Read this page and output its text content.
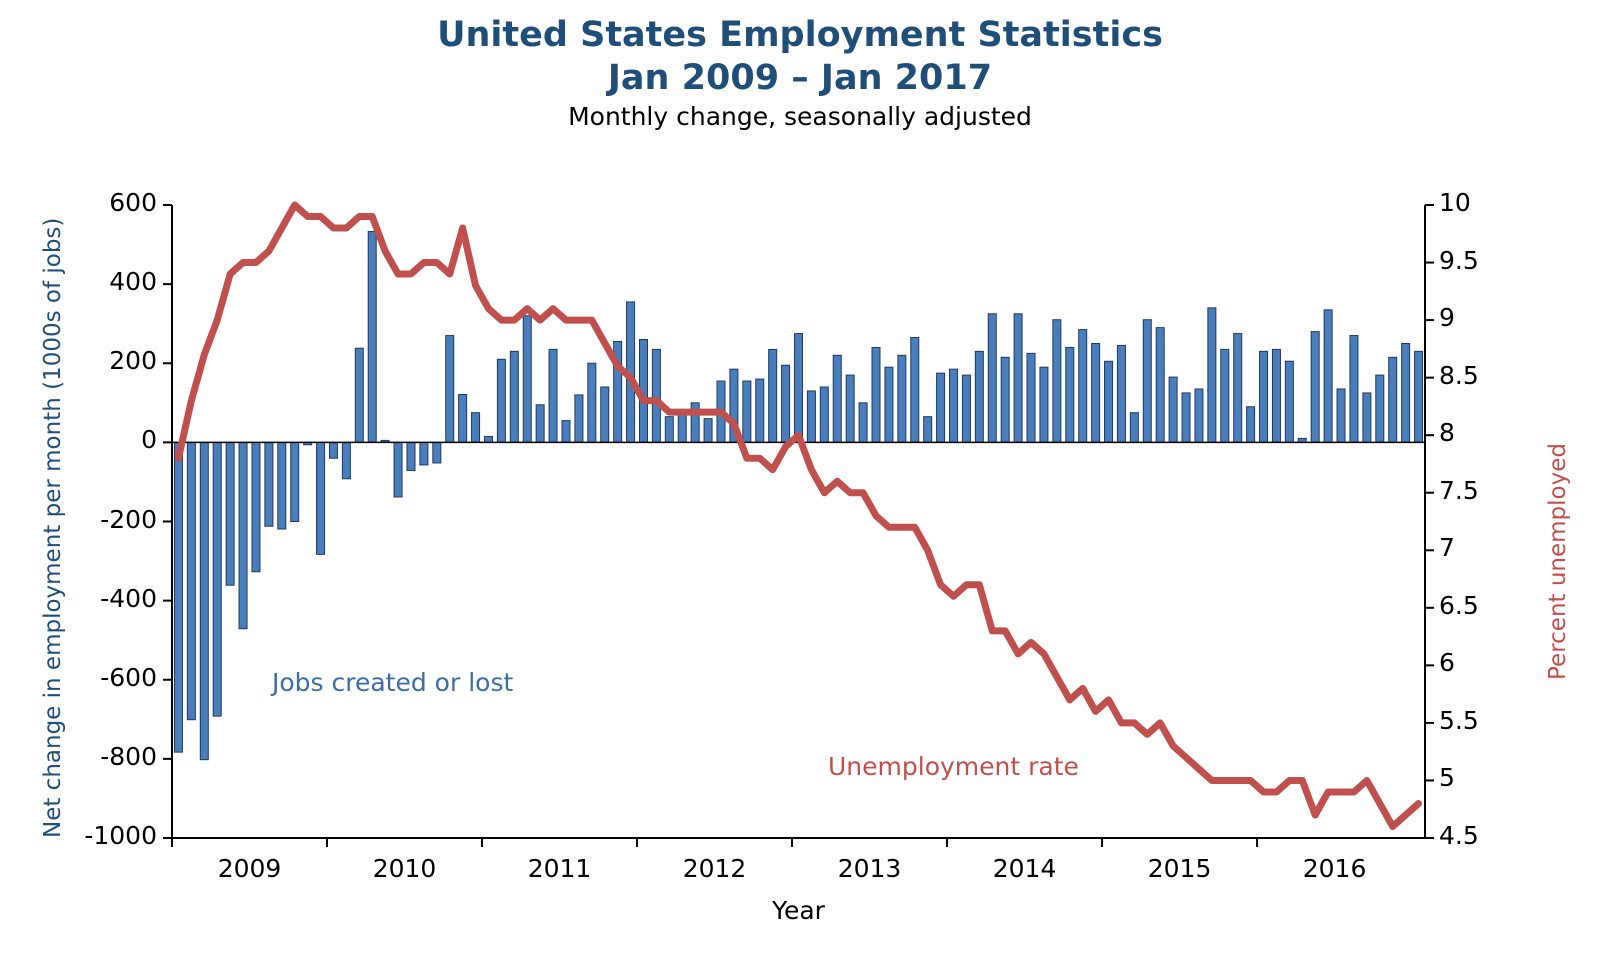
United States Employment Statistics
Jan 2009 – Jan 2017
Monthly change, seasonally adjusted
Net change in employment per month (1000s of jobs)	Percent unemployed
Year
Jobs created or lost
Unemployment rate
-1000
-800
-600
-400
-200
0
200
400
600
4.5
5
5.5
6
6.5
7
7.5
8
8.5
9
9.5
10
2009	2010	2011	2012	2013	2014	2015	2016
